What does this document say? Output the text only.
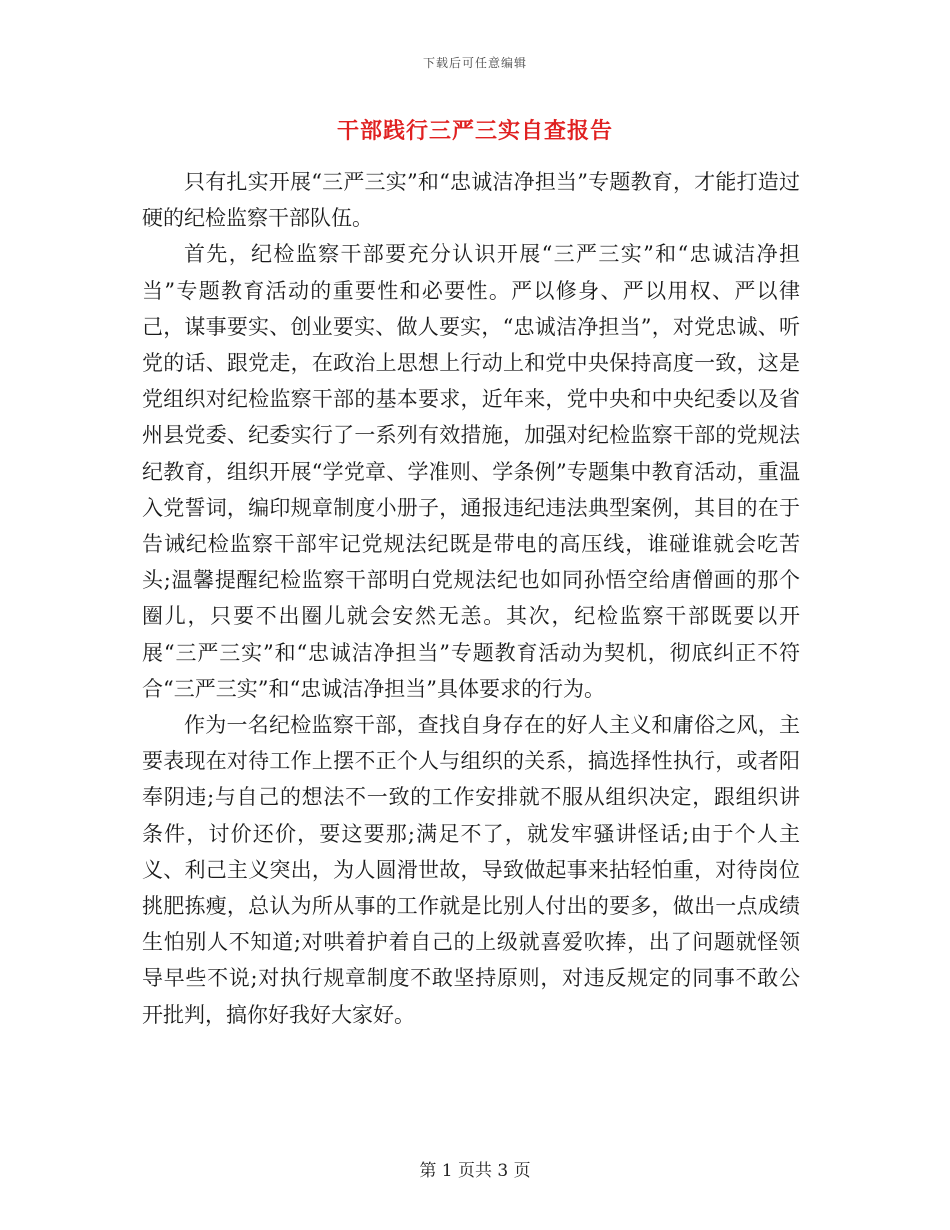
下载后可任意编辑
干部践行三严三实自查报告

只有扎实开展“三严三实”和“忠诚洁净担当”专题教育，才能打造过硬的纪检监察干部队伍。

首先，纪检监察干部要充分认识开展“三严三实”和“忠诚洁净担当”专题教育活动的重要性和必要性。严以修身、严以用权、严以律己，谋事要实、创业要实、做人要实，“忠诚洁净担当”，对党忠诚、听党的话、跟党走，在政治上思想上行动上和党中央保持高度一致，这是党组织对纪检监察干部的基本要求，近年来，党中央和中央纪委以及省州县党委、纪委实行了一系列有效措施，加强对纪检监察干部的党规法纪教育，组织开展“学党章、学准则、学条例”专题集中教育活动，重温入党誓词，编印规章制度小册子，通报违纪违法典型案例，其目的在于告诫纪检监察干部牢记党规法纪既是带电的高压线，谁碰谁就会吃苦头;温馨提醒纪检监察干部明白党规法纪也如同孙悟空给唐僧画的那个圈儿，只要不出圈儿就会安然无恙。其次，纪检监察干部既要以开展“三严三实”和“忠诚洁净担当”专题教育活动为契机，彻底纠正不符合“三严三实”和“忠诚洁净担当”具体要求的行为。

作为一名纪检监察干部，查找自身存在的好人主义和庸俗之风，主要表现在对待工作上摆不正个人与组织的关系，搞选择性执行，或者阳奉阴违;与自己的想法不一致的工作安排就不服从组织决定，跟组织讲条件，讨价还价，要这要那;满足不了，就发牢骚讲怪话;由于个人主义、利己主义突出，为人圆滑世故，导致做起事来拈轻怕重，对待岗位挑肥拣瘦，总认为所从事的工作就是比别人付出的要多，做出一点成绩生怕别人不知道;对哄着护着自己的上级就喜爱吹捧，出了问题就怪领导早些不说;对执行规章制度不敢坚持原则，对违反规定的同事不敢公开批判，搞你好我好大家好。

第 1 页共 3 页
